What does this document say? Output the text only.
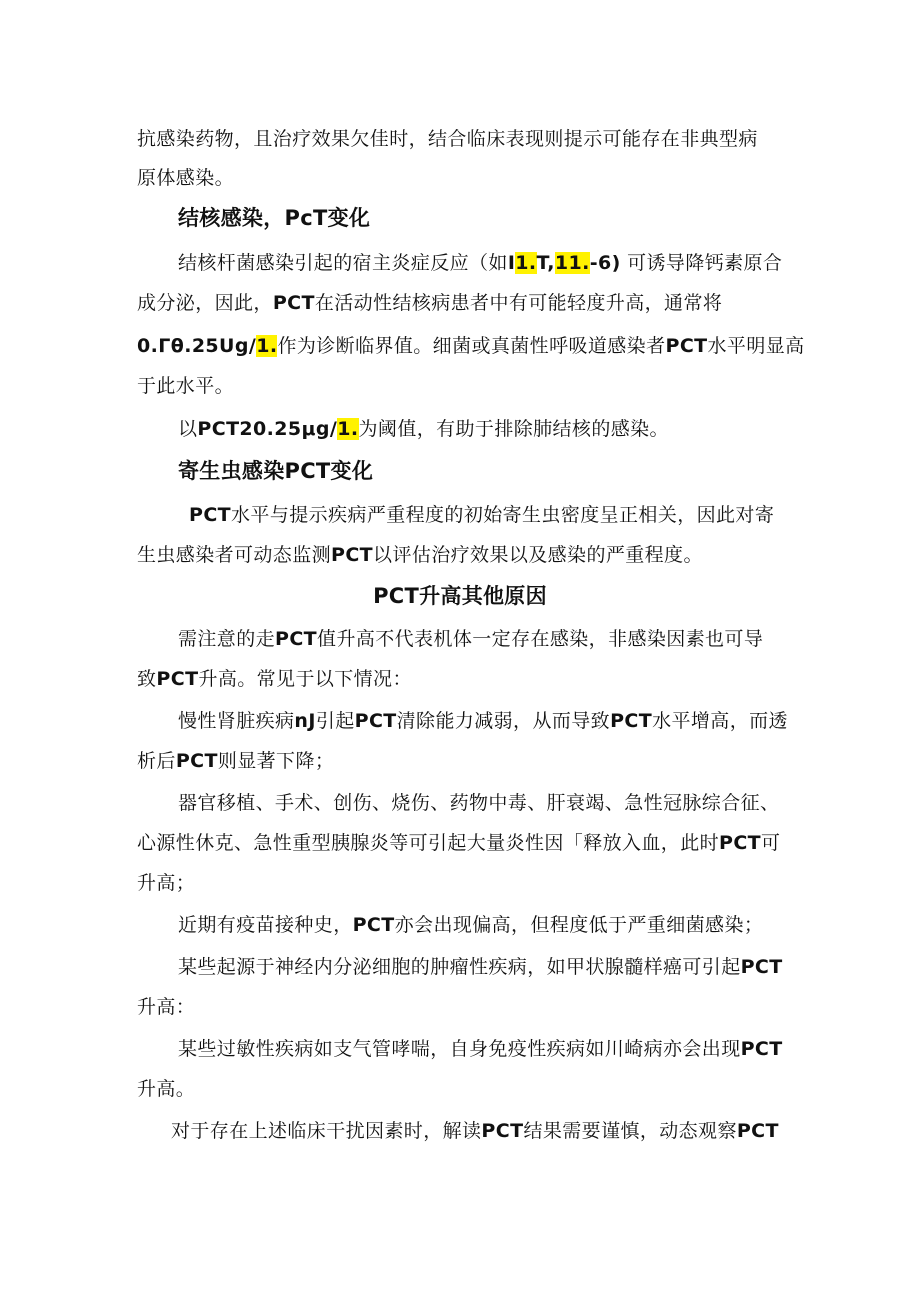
抗感染药物，且治疗效果欠佳时，结合临床表现则提示可能存在非典型病
原体感染。
结核感染，PcT变化
结核杆菌感染引起的宿主炎症反应（如I1.T,11.-6) 可诱导降钙素原合
成分泌，因此，PCT在活动性结核病患者中有可能轻度升高，通常将
0.Γθ.25Ug/1.作为诊断临界值。细菌或真菌性呼吸道感染者PCT水平明显高
于此水平。
以PCT20.25μg/1.为阈值，有助于排除肺结核的感染。
寄生虫感染PCT变化
PCT水平与提示疾病严重程度的初始寄生虫密度呈正相关，因此对寄
生虫感染者可动态监测PCT以评估治疗效果以及感染的严重程度。
PCT升高其他原因
需注意的走PCT值升高不代表机体一定存在感染，非感染因素也可导
致PCT升高。常见于以下情况：
慢性肾脏疾病nJ引起PCT清除能力减弱，从而导致PCT水平增高，而透
析后PCT则显著下降；
器官移植、手术、创伤、烧伤、药物中毒、肝衰竭、急性冠脉综合征、
心源性休克、急性重型胰腺炎等可引起大量炎性因「释放入血，此时PCT可
升高；
近期有疫苗接种史，PCT亦会出现偏高，但程度低于严重细菌感染；
某些起源于神经内分泌细胞的肿瘤性疾病，如甲状腺髓样癌可引起PCT
升高：
某些过敏性疾病如支气管哮喘，自身免疫性疾病如川崎病亦会出现PCT
升高。
对于存在上述临床干扰因素时，解读PCT结果需要谨慎，动态观察PCT
